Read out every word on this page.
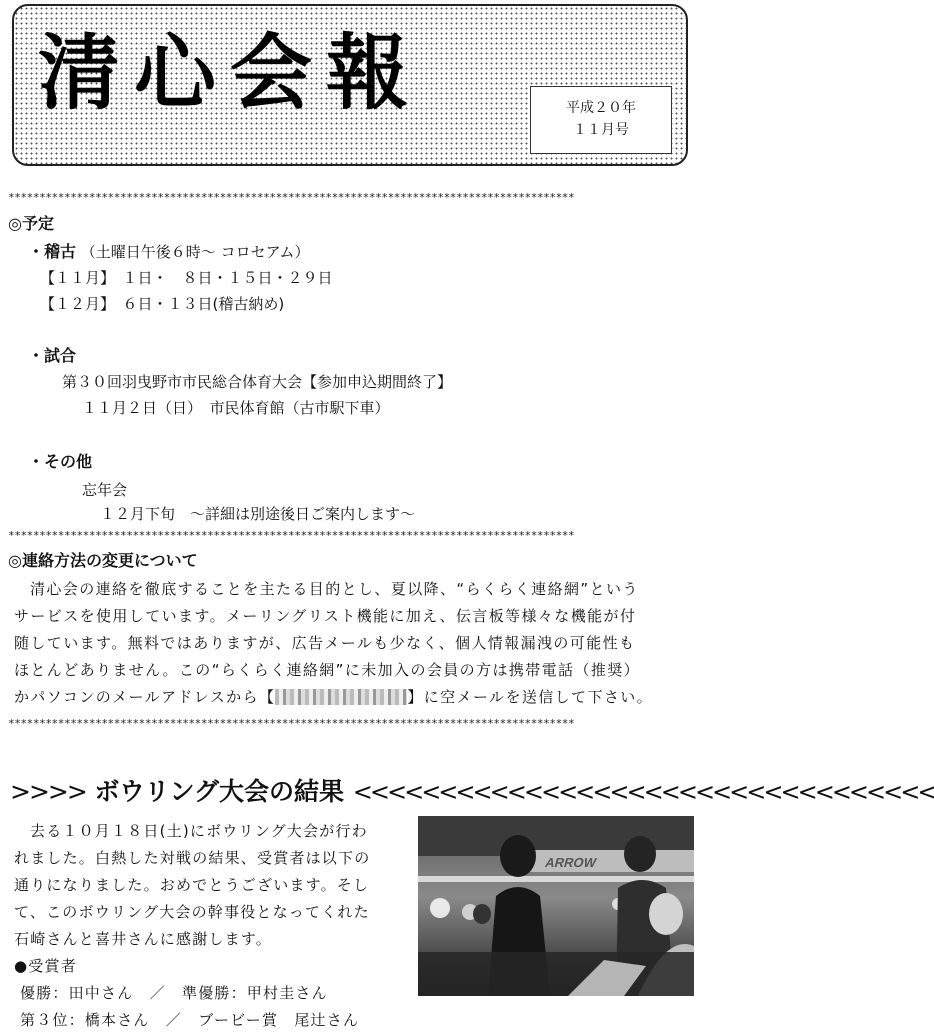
清心会報	平成２０年
１１月号
*******************************************************************************************
◎予定
・稽古 （土曜日午後６時〜 コロセアム）
【１１月】　１日・　８日・１５日・２９日
【１２月】　６日・１３日(稽古納め)
・試合
第３０回羽曳野市市民総合体育大会【参加申込期間終了】
１１月２日（日）　市民体育館（古市駅下車）
・その他
忘年会
１２月下旬　～詳細は別途後日ご案内します～
*******************************************************************************************
◎連絡方法の変更について
清心会の連絡を徹底することを主たる目的とし、夏以降、“らくらく連絡網”という
サービスを使用しています。メーリングリスト機能に加え、伝言板等様々な機能が付
随しています。無料ではありますが、広告メールも少なく、個人情報漏洩の可能性も
ほとんどありません。この“らくらく連絡網”に未加入の会員の方は携帯電話（推奨）
かパソコンのメールアドレスから【	】に空メールを送信して下さい。
*******************************************************************************************
>>>> ボウリング大会の結果 <<<<<<<<<<<<<<<<<<<<<<<<<<<<<<<<<<
去る１０月１８日(土)にボウリング大会が行わ
れました。白熱した対戦の結果、受賞者は以下の
通りになりました。おめでとうございます。そし
て、このボウリング大会の幹事役となってくれた
石崎さんと喜井さんに感謝します。
●受賞者
優勝：田中さん　／　準優勝：甲村圭さん
第３位：橋本さん　／　ブービー賞　尾辻さん
ARROW
